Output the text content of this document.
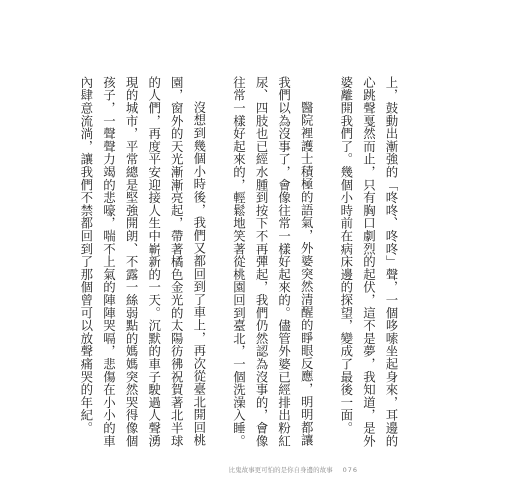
上，鼓動出漸強的「咚咚、咚咚」聲，一個哆嗦坐起身來，耳邊的心跳聲戛然而止，只有胸口劇烈的起伏，這不是夢，我知道，是外婆離開我們了。幾個小時前在病床邊的探望，變成了最後一面。

醫院裡護士積極的語氣，外婆突然清醒的睜眼反應，明明都讓我們以為沒事了，會像往常一樣好起來的。儘管外婆已經排出粉紅尿、四肢也已經水腫到按下不再彈起，我們仍然認為沒事的，會像往常一樣好起來的，輕鬆地笑著從桃園回到臺北，一個洗澡入睡。

沒想到幾個小時後，我們又都回到了車上，再次從臺北開回桃園，窗外的天光漸漸亮起，帶著橘色金光的太陽彷彿祝賀著北半球的人們，再度平安迎接人生中嶄新的一天。沉默的車子駛過人聲湧現的城市，平常總是堅強開朗、不露一絲弱點的媽媽突然哭得像個孩子，一聲聲力竭的悲嚎，喘不上氣的陣陣哭嗝，悲傷在小小的車內肆意流淌，讓我們不禁都回到了那個曾可以放聲痛哭的年紀。

比鬼故事更可怕的是你自身邊的故事 076
